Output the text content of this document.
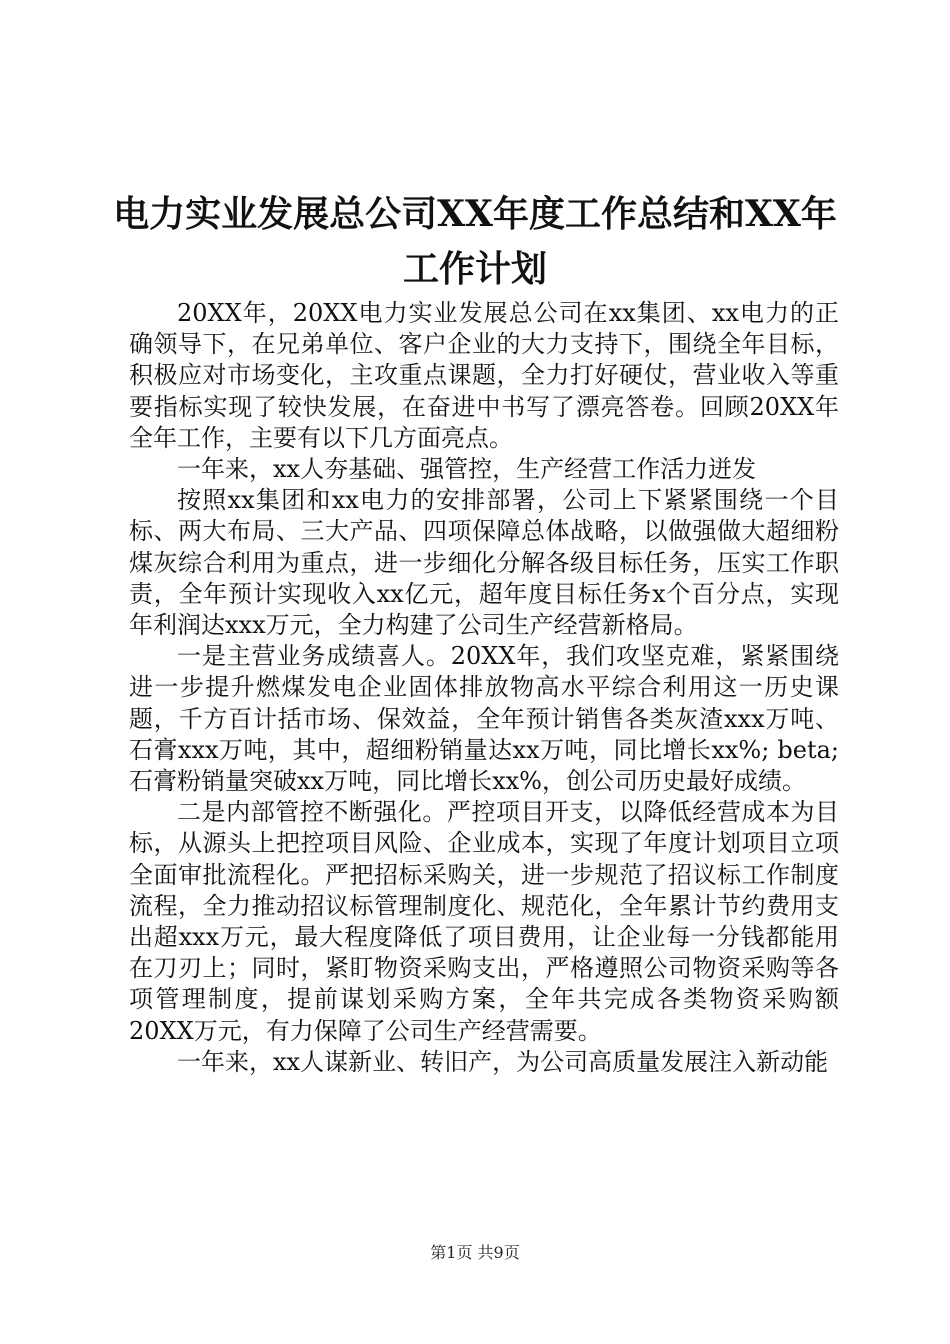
电力实业发展总公司XX年度工作总结和XX年
工作计划

20XX年，20XX电力实业发展总公司在xx集团、xx电力的正确领导下，在兄弟单位、客户企业的大力支持下，围绕全年目标，积极应对市场变化，主攻重点课题，全力打好硬仗，营业收入等重要指标实现了较快发展，在奋进中书写了漂亮答卷。回顾20XX年全年工作，主要有以下几方面亮点。

一年来，xx人夯基础、强管控，生产经营工作活力迸发

按照xx集团和xx电力的安排部署，公司上下紧紧围绕一个目标、两大布局、三大产品、四项保障总体战略，以做强做大超细粉煤灰综合利用为重点，进一步细化分解各级目标任务，压实工作职责，全年预计实现收入xx亿元，超年度目标任务x个百分点，实现年利润达xxx万元，全力构建了公司生产经营新格局。

一是主营业务成绩喜人。20XX年，我们攻坚克难，紧紧围绕进一步提升燃煤发电企业固体排放物高水平综合利用这一历史课题，千方百计括市场、保效益，全年预计销售各类灰渣xxx万吨、石膏xxx万吨，其中，超细粉销量达xx万吨，同比增长xx%; beta;石膏粉销量突破xx万吨，同比增长xx%，创公司历史最好成绩。

二是内部管控不断强化。严控项目开支，以降低经营成本为目标，从源头上把控项目风险、企业成本，实现了年度计划项目立项全面审批流程化。严把招标采购关，进一步规范了招议标工作制度流程，全力推动招议标管理制度化、规范化，全年累计节约费用支出超xxx万元，最大程度降低了项目费用，让企业每一分钱都能用在刀刃上；同时，紧盯物资采购支出，严格遵照公司物资采购等各项管理制度，提前谋划采购方案，全年共完成各类物资采购额20XX万元，有力保障了公司生产经营需要。

一年来，xx人谋新业、转旧产，为公司高质量发展注入新动能

第1页 共9页
